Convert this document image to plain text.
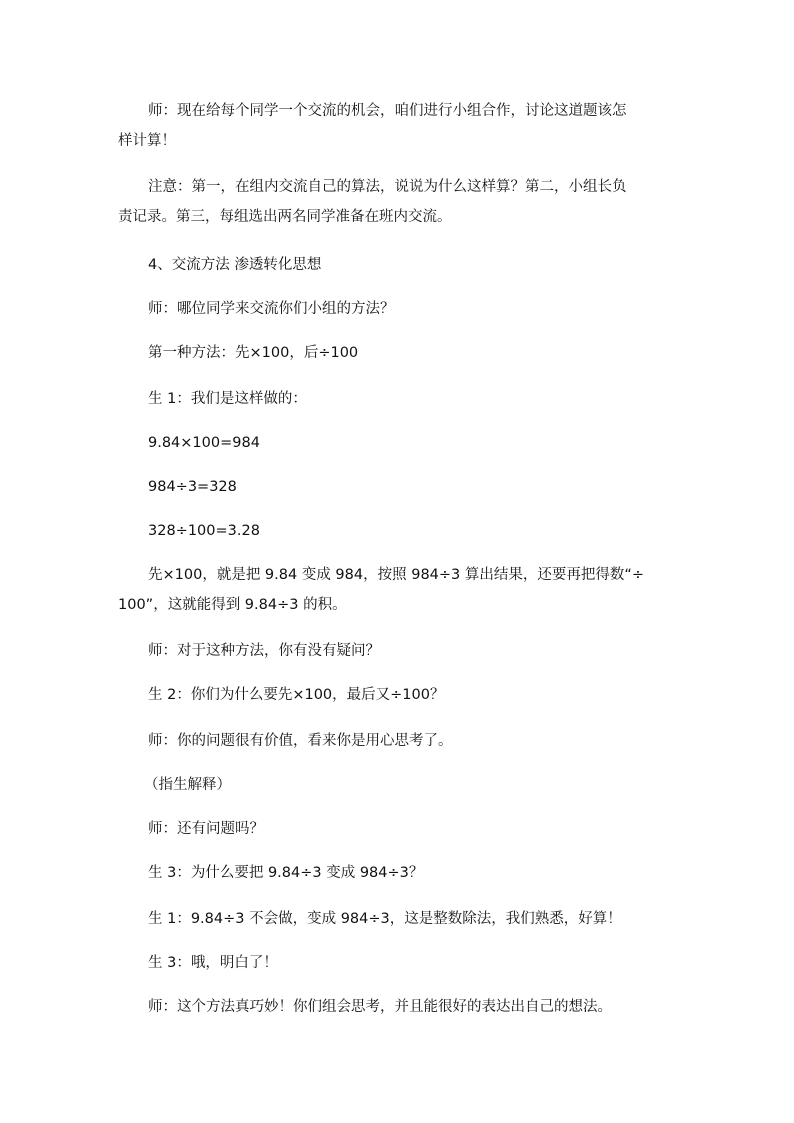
师：现在给每个同学一个交流的机会，咱们进行小组合作，讨论这道题该怎
样计算！

注意：第一，在组内交流自己的算法，说说为什么这样算？第二，小组长负
责记录。第三，每组选出两名同学准备在班内交流。

4、交流方法 渗透转化思想

师：哪位同学来交流你们小组的方法？

第一种方法：先×100，后÷100

生 1：我们是这样做的：

9.84×100=984

984÷3=328

328÷100=3.28

先×100，就是把 9.84 变成 984，按照 984÷3 算出结果，还要再把得数“÷
100”，这就能得到 9.84÷3 的积。

师：对于这种方法，你有没有疑问？

生 2：你们为什么要先×100，最后又÷100？

师：你的问题很有价值，看来你是用心思考了。

（指生解释）

师：还有问题吗？

生 3：为什么要把 9.84÷3 变成 984÷3？

生 1：9.84÷3 不会做，变成 984÷3，这是整数除法，我们熟悉，好算！

生 3：哦，明白了！

师：这个方法真巧妙！你们组会思考，并且能很好的表达出自己的想法。
